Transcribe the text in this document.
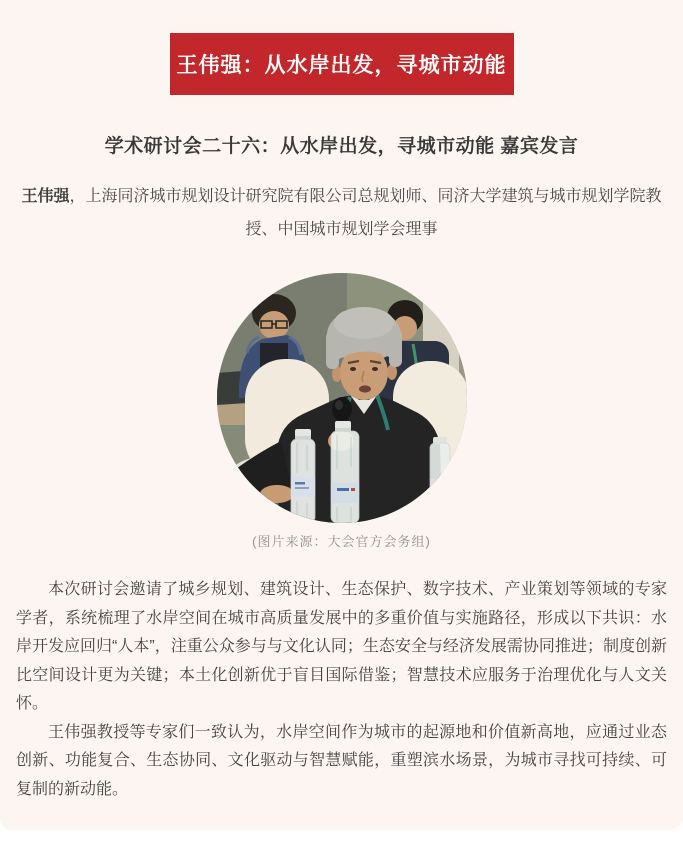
王伟强：从水岸出发，寻城市动能
学术研讨会二十六：从水岸出发，寻城市动能 嘉宾发言
王伟强，上海同济城市规划设计研究院有限公司总规划师、同济大学建筑与城市规划学院教授、中国城市规划学会理事
(图片来源：大会官方会务组)

本次研讨会邀请了城乡规划、建筑设计、生态保护、数字技术、产业策划等领域的专家学者，系统梳理了水岸空间在城市高质量发展中的多重价值与实施路径，形成以下共识：水岸开发应回归“人本”，注重公众参与与文化认同；生态安全与经济发展需协同推进；制度创新比空间设计更为关键；本土化创新优于盲目国际借鉴；智慧技术应服务于治理优化与人文关怀。

王伟强教授等专家们一致认为，水岸空间作为城市的起源地和价值新高地，应通过业态创新、功能复合、生态协同、文化驱动与智慧赋能，重塑滨水场景，为城市寻找可持续、可复制的新动能。
